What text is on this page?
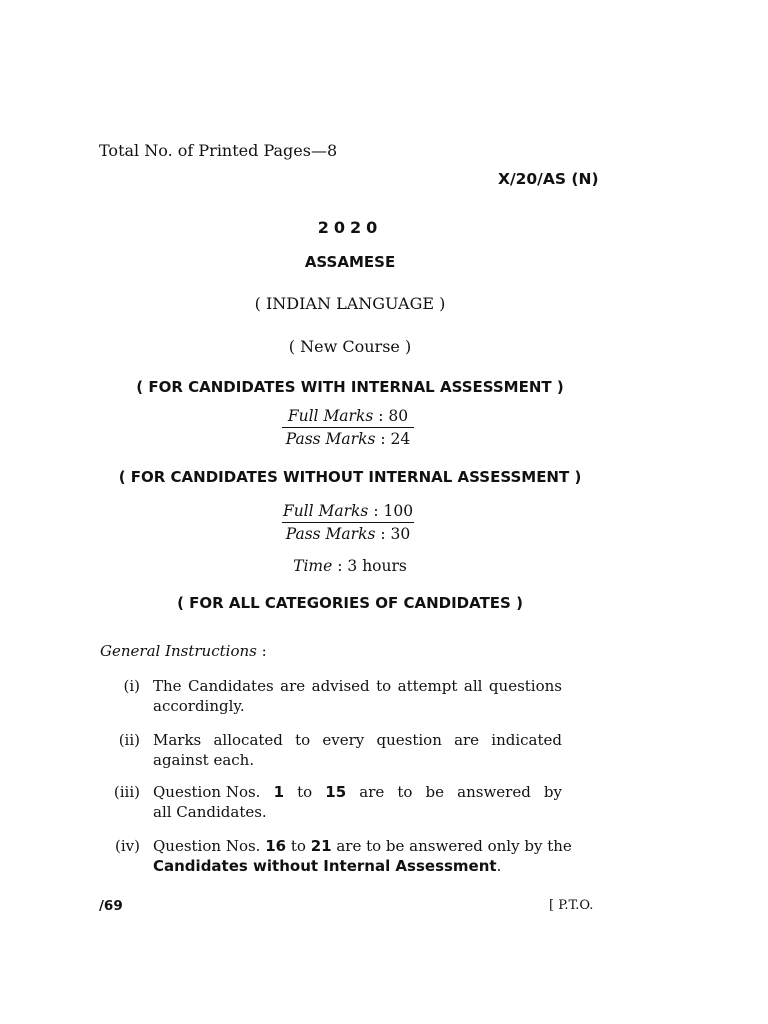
Total No. of Printed Pages—8
X/20/AS (N)
2020
ASSAMESE
( INDIAN LANGUAGE )
( New Course )
( FOR CANDIDATES WITH INTERNAL ASSESSMENT )
Full Marks : 80
Pass Marks : 24
( FOR CANDIDATES WITHOUT INTERNAL ASSESSMENT )
Full Marks : 100
Pass Marks : 30
Time : 3 hours
( FOR ALL CATEGORIES OF CANDIDATES )
General Instructions :
(i) The Candidates are advised to attempt all questions accordingly.
(ii) Marks allocated to every question are indicated against each.
(iii) Question Nos. 1 to 15 are to be answered by
all Candidates.
(iv) Question Nos. 16 to 21 are to be answered only by the
Candidates without Internal Assessment.
/69	[ P.T.O.
